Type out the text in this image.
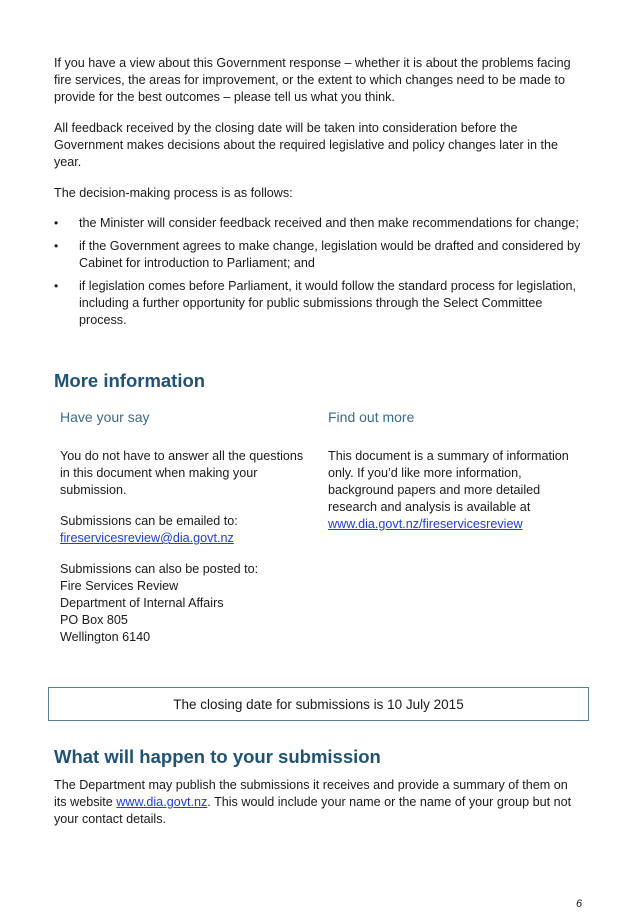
If you have a view about this Government response – whether it is about the problems facing fire services, the areas for improvement, or the extent to which changes need to be made to provide for the best outcomes – please tell us what you think.

All feedback received by the closing date will be taken into consideration before the Government makes decisions about the required legislative and policy changes later in the year.

The decision-making process is as follows:

• the Minister will consider feedback received and then make recommendations for change;
• if the Government agrees to make change, legislation would be drafted and considered by Cabinet for introduction to Parliament; and
• if legislation comes before Parliament, it would follow the standard process for legislation, including a further opportunity for public submissions through the Select Committee process.
More information
Have your say	Find out more

You do not have to answer all the questions in this document when making your submission.

Submissions can be emailed to:

fireservicesreview@dia.govt.nz

Submissions can also be posted to:

Fire Services Review
Department of Internal Affairs
PO Box 805
Wellington 6140
This document is a summary of information only. If you’d like more information, background papers and more detailed research and analysis is available at www.dia.govt.nz/fireservicesreview
The closing date for submissions is 10 July 2015
What will happen to your submission

The Department may publish the submissions it receives and provide a summary of them on its website www.dia.govt.nz. This would include your name or the name of your group but not your contact details.

6
